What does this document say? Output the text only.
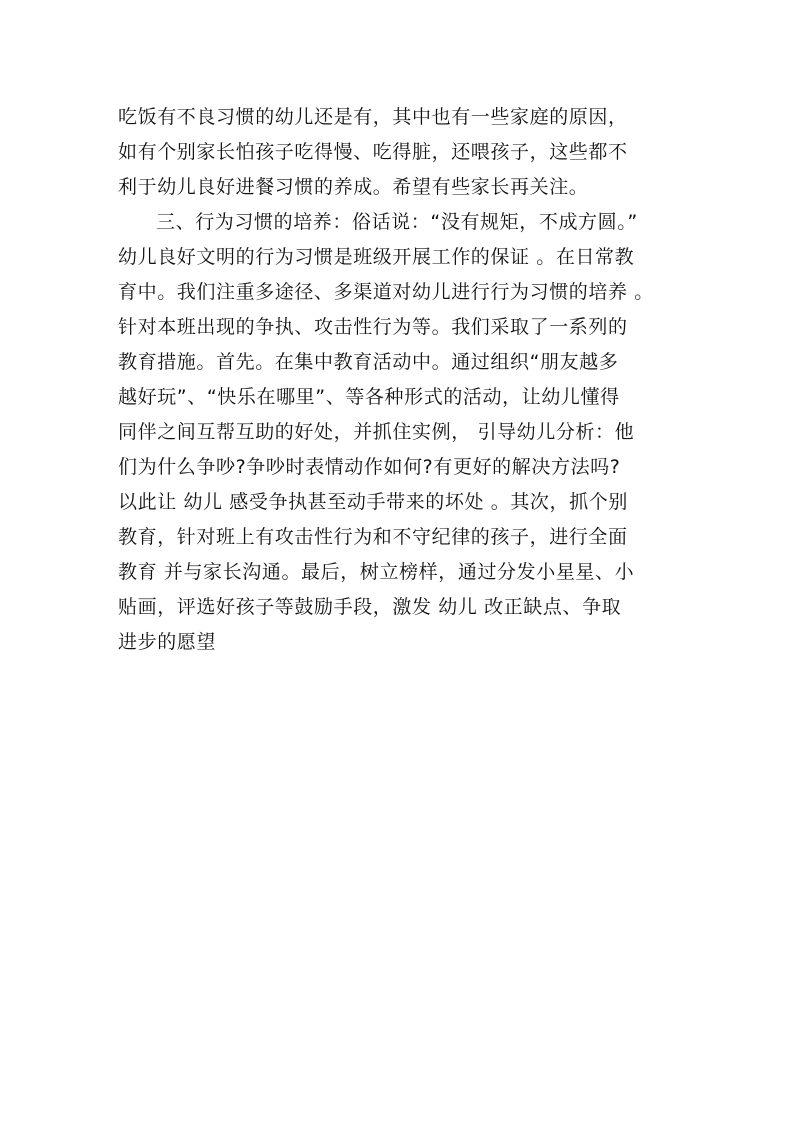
吃饭有不良习惯的幼儿还是有，其中也有一些家庭的原因，
如有个别家长怕孩子吃得慢、吃得脏，还喂孩子，这些都不
利于幼儿良好进餐习惯的养成。希望有些家长再关注。
三、行为习惯的培养：俗话说：“没有规矩，不成方圆。”
幼儿良好文明的行为习惯是班级开展工作的保证 。在日常教
育中。我们注重多途径、多渠道对幼儿进行行为习惯的培养 。
针对本班出现的争执、攻击性行为等。我们采取了一系列的
教育措施。首先。在集中教育活动中。通过组织“朋友越多
越好玩”、“快乐在哪里”、等各种形式的活动，让幼儿懂得
同伴之间互帮互助的好处，并抓住实例， 引导幼儿分析：他
们为什么争吵?争吵时表情动作如何?有更好的解决方法吗?
以此让 幼儿 感受争执甚至动手带来的坏处 。其次，抓个别
教育，针对班上有攻击性行为和不守纪律的孩子，进行全面
教育 并与家长沟通。最后，树立榜样，通过分发小星星、小
贴画，评选好孩子等鼓励手段，激发 幼儿 改正缺点、争取
进步的愿望
